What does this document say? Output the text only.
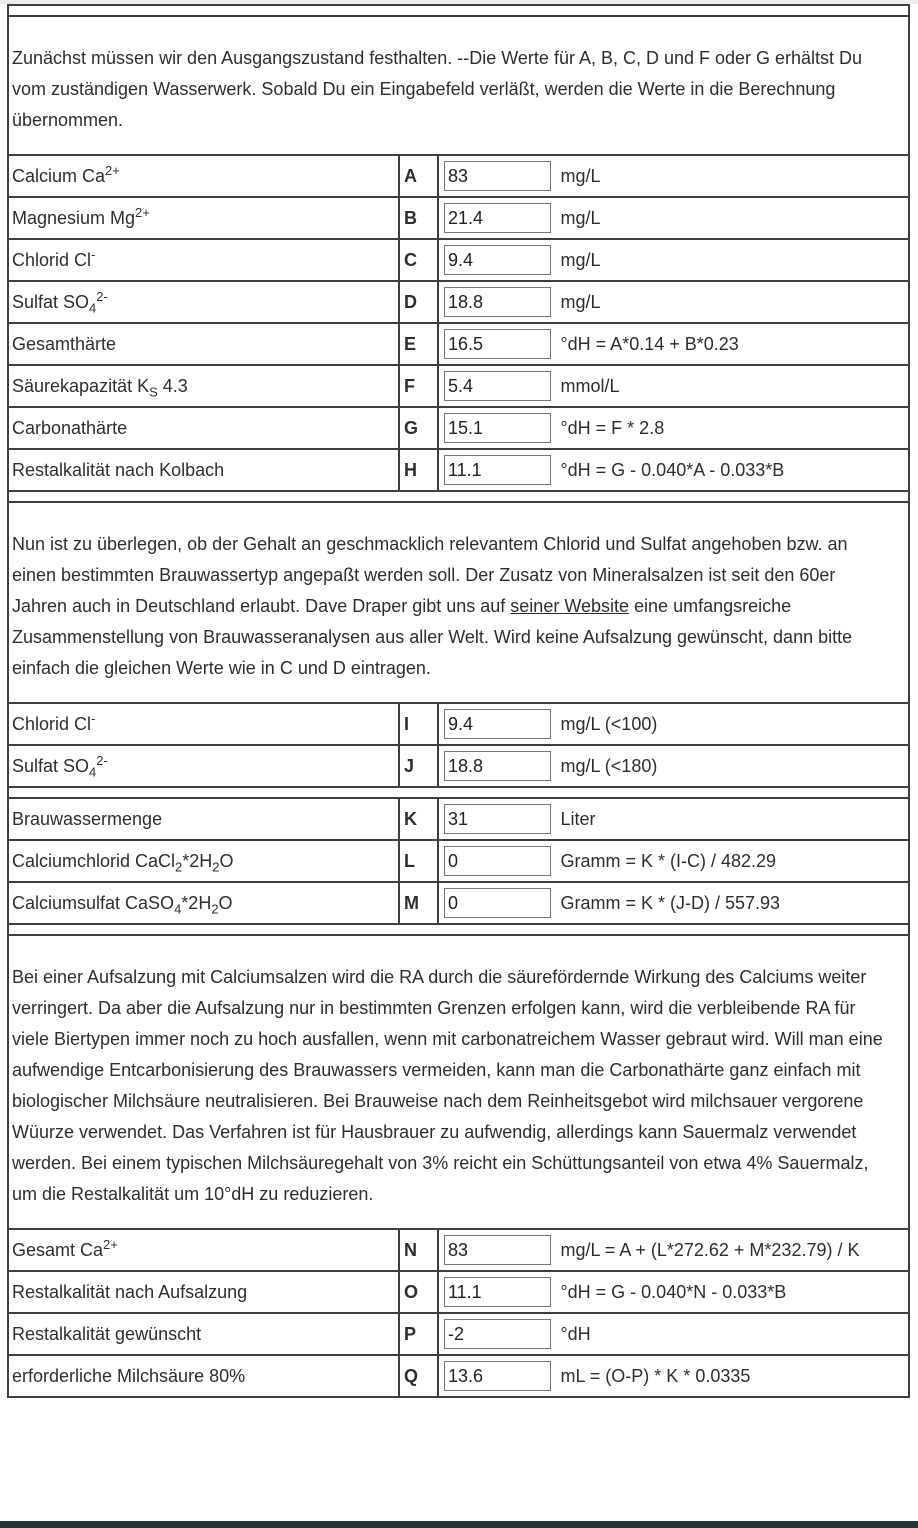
Zunächst müssen wir den Ausgangszustand festhalten. --Die Werte für A, B, C, D und F oder G erhältst Du vom zuständigen Wasserwerk. Sobald Du ein Eingabefeld verläßt, werden die Werte in die Berechnung übernommen.		
Calcium $Ca^{2+}$	A	83mg/L
Magnesium $Mg^{2+}$	B	21.4mg/L
Chlorid Cl-	C	9.4mg/L
Sulfat $SO_4^{2-}$	D	18.8mg/L
Gesamthärte	E	16.5°dH = A*0.14 + B*0.23
Säurekapazität $K_S$ 4.3	F	5.4mmol/L
Carbonathärte	G	15.1°dH = F * 2.8
Restalkalität nach Kolbach	H	11.1°dH = G - 0.040*A - 0.033*B

Nun ist zu überlegen, ob der Gehalt an geschmacklich relevantem Chlorid und Sulfat angehoben bzw. an einen bestimmten Brauwassertyp angepaßt werden soll. Der Zusatz von Mineralsalzen ist seit den 60er Jahren auch in Deutschland erlaubt. Dave Draper gibt uns auf seiner Website eine umfangsreiche Zusammenstellung von Brauwasseranalysen aus aller Welt. Wird keine Aufsalzung gewünscht, dann bitte einfach die gleichen Werte wie in C und D eintragen.		
Chlorid Cl-	I	9.4mg/L (<100)
Sulfat $SO_4^{2-}$	J	18.8mg/L (<180)

Brauwassermenge	K	31Liter
Calciumchlorid $CaCl_2*2H_2O$	L	0Gramm = K * (I-C) / 482.29
Calciumsulfat $CaSO_4*2H_2O$	M	0Gramm = K * (J-D) / 557.93

Bei einer Aufsalzung mit Calciumsalzen wird die RA durch die säurefördernde Wirkung des Calciums weiter verringert. Da aber die Aufsalzung nur in bestimmten Grenzen erfolgen kann, wird die verbleibende RA für viele Biertypen immer noch zu hoch ausfallen, wenn mit carbonatreichem Wasser gebraut wird. Will man eine aufwendige Entcarbonisierung des Brauwassers vermeiden, kann man die Carbonathärte ganz einfach mit biologischer Milchsäure neutralisieren. Bei Brauweise nach dem Reinheitsgebot wird milchsauer vergorene Wüurze verwendet. Das Verfahren ist für Hausbrauer zu aufwendig, allerdings kann Sauermalz verwendet werden. Bei einem typischen Milchsäuregehalt von 3% reicht ein Schüttungsanteil von etwa 4% Sauermalz, um die Restalkalität um 10°dH zu reduzieren.		
Gesamt $Ca^{2+}$	N	83mg/L = A + (L*272.62 + M*232.79) / K
Restalkalität nach Aufsalzung	O	11.1°dH = G - 0.040*N - 0.033*B
Restalkalität gewünscht	P	-2°dH
erforderliche Milchsäure 80%	Q	13.6mL = (O-P) * K * 0.0335
